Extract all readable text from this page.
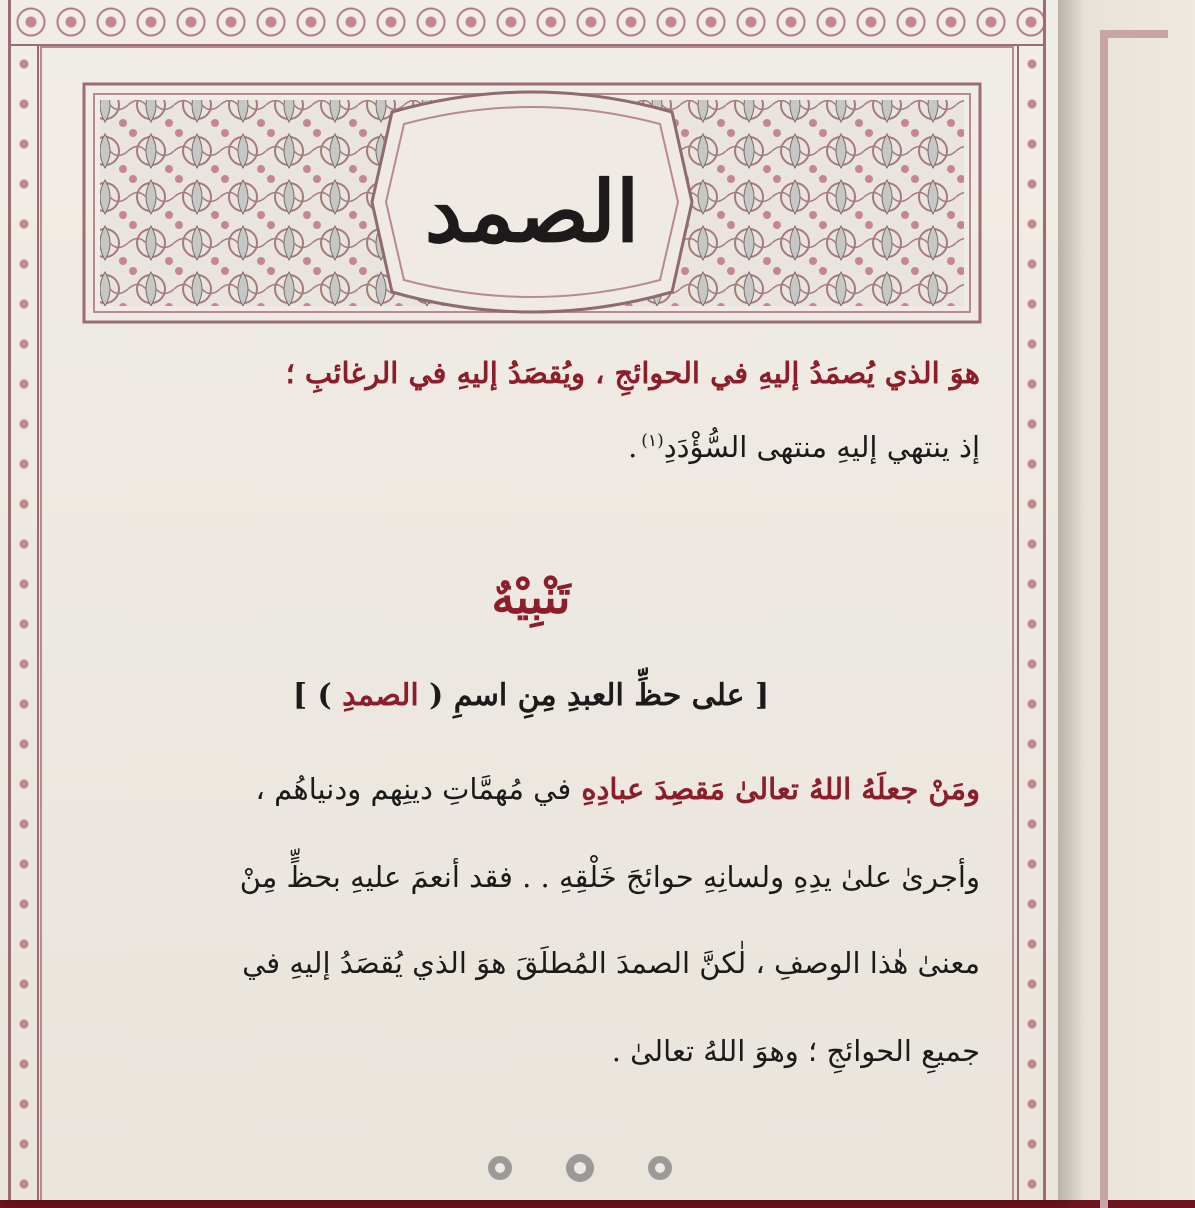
الصمد
هوَ الذي يُصمَدُ إليهِ في الحوائجِ ، ويُقصَدُ إليهِ في الرغائبِ ؛
إذ ينتهي إليهِ منتهى السُّؤْدَدِ$^{(١)}$.
تَنْبِيْهٌ
[ على حظِّ العبدِ مِنِ اسمِ ( الصمدِ ) ]
ومَنْ جعلَهُ اللهُ تعالىٰ مَقصِدَ عبادِهِ في مُهمَّاتِ دينِهم ودنياهُم ،
وأجرىٰ علىٰ يدِهِ ولسانِهِ حوائجَ خَلْقِهِ . . فقد أنعمَ عليهِ بحظٍّ مِنْ
معنىٰ هٰذا الوصفِ ، لٰكنَّ الصمدَ المُطلَقَ هوَ الذي يُقصَدُ إليهِ في
جميعِ الحوائجِ ؛ وهوَ اللهُ تعالىٰ .
